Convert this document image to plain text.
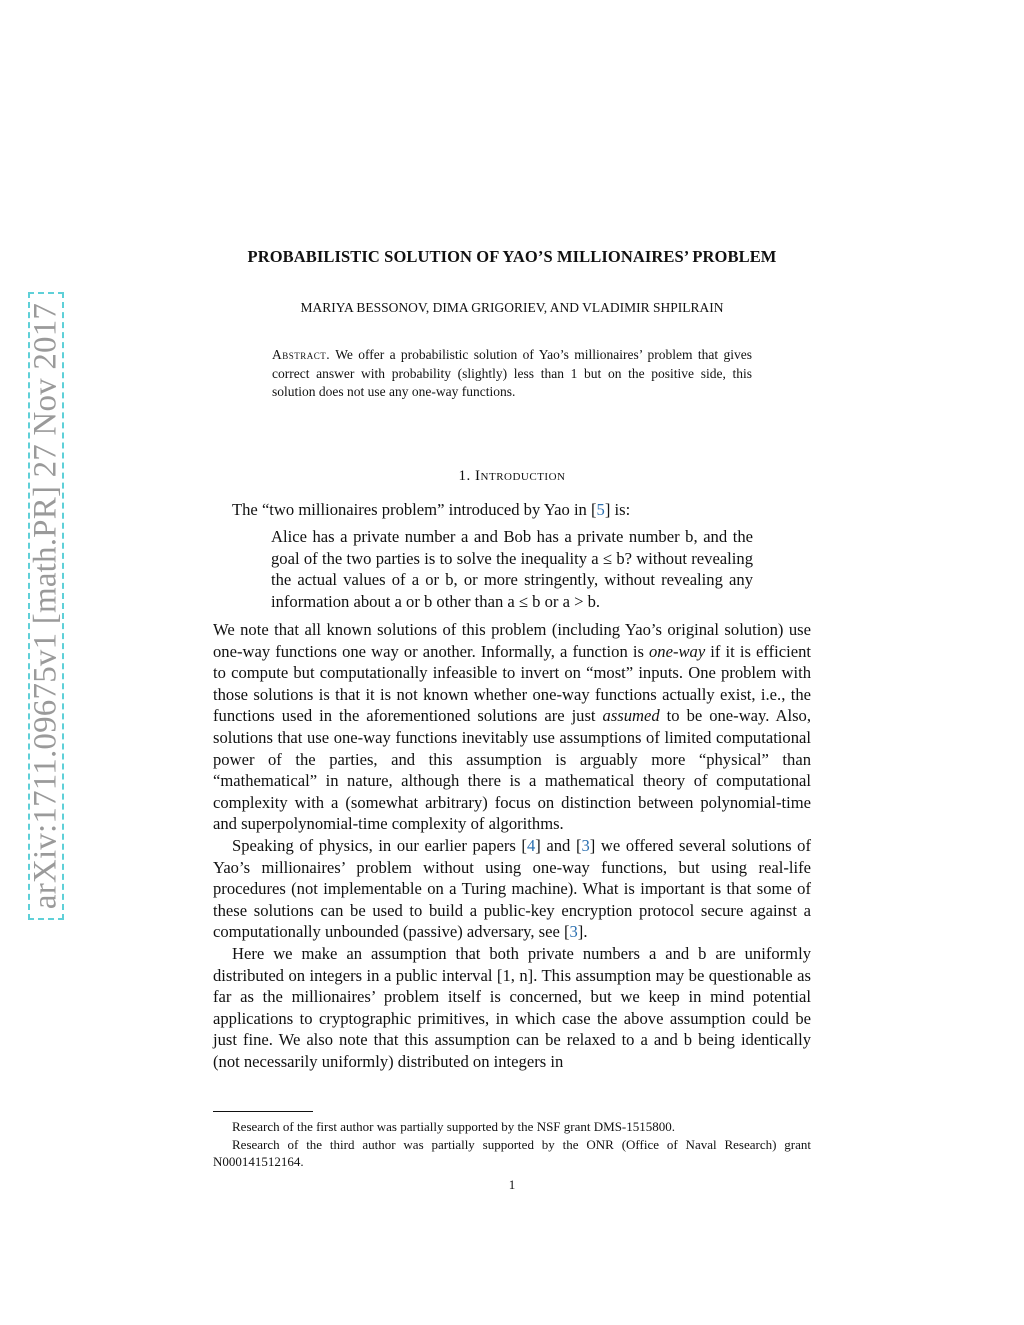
arXiv:1711.09675v1 [math.PR] 27 Nov 2017
PROBABILISTIC SOLUTION OF YAO’S MILLIONAIRES’ PROBLEM
MARIYA BESSONOV, DIMA GRIGORIEV, AND VLADIMIR SHPILRAIN
Abstract. We offer a probabilistic solution of Yao’s millionaires’ problem that gives correct answer with probability (slightly) less than 1 but on the positive side, this solution does not use any one-way functions.
1. Introduction

The “two millionaires problem” introduced by Yao in [5] is:

Alice has a private number a and Bob has a private number b, and the goal of the two parties is to solve the inequality a ≤ b? without revealing the actual values of a or b, or more stringently, without revealing any information about a or b other than a ≤ b or a > b.

We note that all known solutions of this problem (including Yao’s original solution) use one-way functions one way or another. Informally, a function is one-way if it is efficient to compute but computationally infeasible to invert on “most” inputs. One problem with those solutions is that it is not known whether one-way functions actually exist, i.e., the functions used in the aforementioned solutions are just assumed to be one-way. Also, solutions that use one-way functions inevitably use assumptions of limited computational power of the parties, and this assumption is arguably more “physical” than “mathematical” in nature, although there is a mathematical theory of computational complexity with a (somewhat arbitrary) focus on distinction between polynomial-time and superpolynomial-time complexity of algorithms.

Speaking of physics, in our earlier papers [4] and [3] we offered several solutions of Yao’s millionaires’ problem without using one-way functions, but using real-life procedures (not implementable on a Turing machine). What is important is that some of these solutions can be used to build a public-key encryption protocol secure against a computationally unbounded (passive) adversary, see [3].

Here we make an assumption that both private numbers a and b are uniformly distributed on integers in a public interval [1, n]. This assumption may be questionable as far as the millionaires’ problem itself is concerned, but we keep in mind potential applications to cryptographic primitives, in which case the above assumption could be just fine. We also note that this assumption can be relaxed to a and b being identically (not necessarily uniformly) distributed on integers in

Research of the first author was partially supported by the NSF grant DMS-1515800.

Research of the third author was partially supported by the ONR (Office of Naval Research) grant N000141512164.

1
